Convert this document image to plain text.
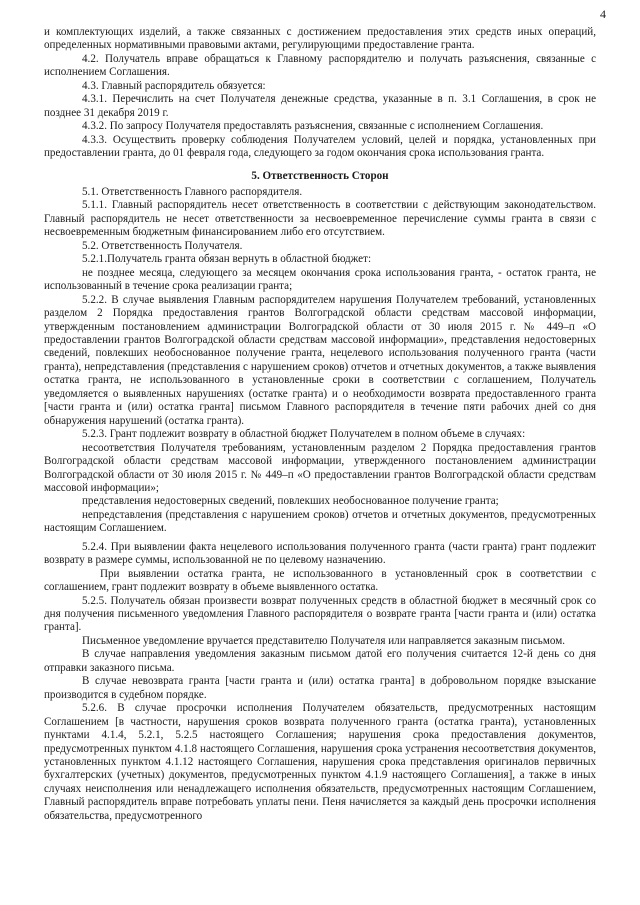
4

и комплектующих изделий, а также связанных с достижением предоставления этих средств иных операций, определенных нормативными правовыми актами, регулирующими предоставление гранта.

4.2. Получатель вправе обращаться к Главному распорядителю и получать разъяснения, связанные с исполнением Соглашения.

4.3. Главный распорядитель обязуется:

4.3.1. Перечислить на счет Получателя денежные средства, указанные в п. 3.1 Соглашения, в срок не позднее 31 декабря 2019 г.

4.3.2. По запросу Получателя предоставлять разъяснения, связанные с исполнением Соглашения.

4.3.3. Осуществить проверку соблюдения Получателем условий, целей и порядка, установленных при предоставлении гранта, до 01 февраля года, следующего за годом окончания срока использования гранта.

5. Ответственность Сторон

5.1. Ответственность Главного распорядителя.

5.1.1. Главный распорядитель несет ответственность в соответствии с действующим законодательством. Главный распорядитель не несет ответственности за несвоевременное перечисление суммы гранта в связи с несвоевременным бюджетным финансированием либо его отсутствием.

5.2. Ответственность Получателя.

5.2.1.Получатель гранта обязан вернуть в областной бюджет:

не позднее месяца, следующего за месяцем окончания срока использования гранта, - остаток гранта, не использованный в течение срока реализации гранта;

5.2.2. В случае выявления Главным распорядителем нарушения Получателем требований, установленных разделом 2 Порядка предоставления грантов Волгоградской области средствам массовой информации, утвержденным постановлением администрации Волгоградской области от 30 июля 2015 г. № 449–п «О предоставлении грантов Волгоградской области средствам массовой информации», представления недостоверных сведений, повлекших необоснованное получение гранта, нецелевого использования полученного гранта (части гранта), непредставления (представления с нарушением сроков) отчетов и отчетных документов, а также выявления остатка гранта, не использованного в установленные сроки в соответствии с соглашением, Получатель уведомляется о выявленных нарушениях (остатке гранта) и о необходимости возврата предоставленного гранта [части гранта и (или) остатка гранта] письмом Главного распорядителя в течение пяти рабочих дней со дня обнаружения нарушений (остатка гранта).

5.2.3. Грант подлежит возврату в областной бюджет Получателем в полном объеме в случаях:

несоответствия Получателя требованиям, установленным разделом 2 Порядка предоставления грантов Волгоградской области средствам массовой информации, утвержденного постановлением администрации Волгоградской области от 30 июля 2015 г. № 449–п «О предоставлении грантов Волгоградской области средствам массовой информации»;

представления недостоверных сведений, повлекших необоснованное получение гранта;

непредставления (представления с нарушением сроков) отчетов и отчетных документов, предусмотренных настоящим Соглашением.

5.2.4. При выявлении факта нецелевого использования полученного гранта (части гранта) грант подлежит возврату в размере суммы, использованной не по целевому назначению.

При выявлении остатка гранта, не использованного в установленный срок в соответствии с соглашением, грант подлежит возврату в объеме выявленного остатка.

5.2.5. Получатель обязан произвести возврат полученных средств в областной бюджет в месячный срок со дня получения письменного уведомления Главного распорядителя о возврате гранта [части гранта и (или) остатка гранта].

Письменное уведомление вручается представителю Получателя или направляется заказным письмом.

В случае направления уведомления заказным письмом датой его получения считается 12-й день со дня отправки заказного письма.

В случае невозврата гранта [части гранта и (или) остатка гранта] в добровольном порядке взыскание производится в судебном порядке.

5.2.6. В случае просрочки исполнения Получателем обязательств, предусмотренных настоящим Соглашением [в частности, нарушения сроков возврата полученного гранта (остатка гранта), установленных пунктами 4.1.4, 5.2.1, 5.2.5 настоящего Соглашения; нарушения срока предоставления документов, предусмотренных пунктом 4.1.8 настоящего Соглашения, нарушения срока устранения несоответствия документов, установленных пунктом 4.1.12 настоящего Соглашения, нарушения срока представления оригиналов первичных бухгалтерских (учетных) документов, предусмотренных пунктом 4.1.9 настоящего Соглашения], а также в иных случаях неисполнения или ненадлежащего исполнения обязательств, предусмотренных настоящим Соглашением, Главный распорядитель вправе потребовать уплаты пени. Пеня начисляется за каждый день просрочки исполнения обязательства, предусмотренного
